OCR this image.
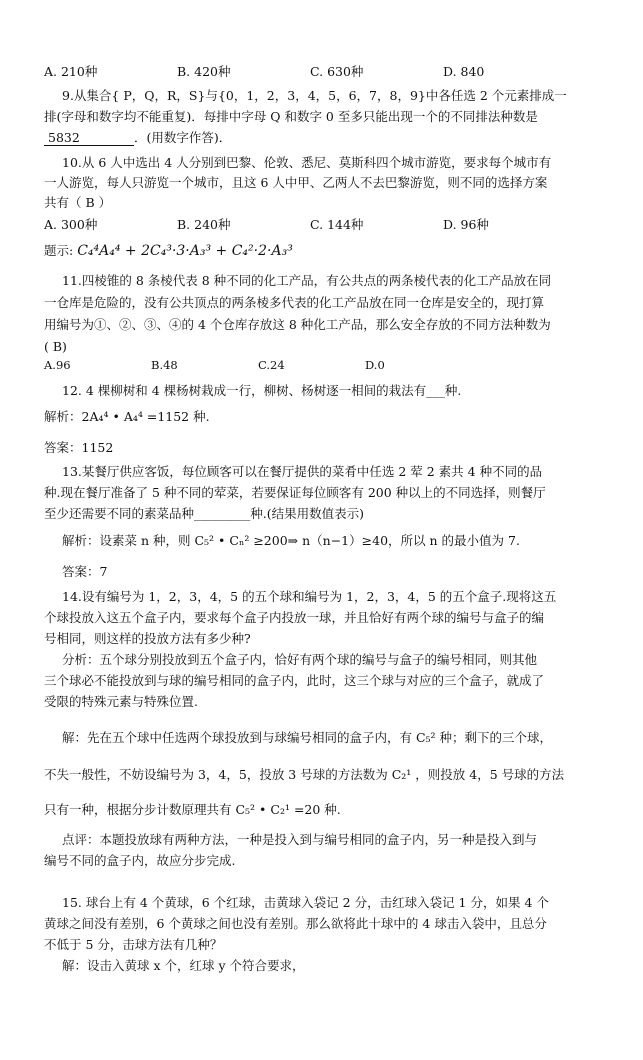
A. 210种	B. 420种	C. 630种	D. 840
9.从集合{ P，Q，R，S}与{0，1，2，3，4，5，6，7，8，9}中各任选 2 个元素排成一
排(字母和数字均不能重复)．每排中字母 Q 和数字 0 至多只能出现一个的不同排法种数是
5832	．(用数字作答)．
10.从 6 人中选出 4 人分别到巴黎、伦敦、悉尼、莫斯科四个城市游览，要求每个城市有
一人游览，每人只游览一个城市，且这 6 人中甲、乙两人不去巴黎游览，则不同的选择方案
共有（ B ）
A. 300种	B. 240种	C. 144种	D. 96种
题示: C₄⁴A₄⁴ + 2C₄³·3·A₃³ + C₄²·2·A₃³
11.四棱锥的 8 条棱代表 8 种不同的化工产品，有公共点的两条棱代表的化工产品放在同
一仓库是危险的，没有公共顶点的两条棱多代表的化工产品放在同一仓库是安全的，现打算
用编号为①、②、③、④的 4 个仓库存放这 8 种化工产品，那么安全存放的不同方法种数为
( B)
A.96	B.48	C.24	D.0
12. 4 棵柳树和 4 棵杨树栽成一行，柳树、杨树逐一相间的栽法有___种.
解析：2A₄⁴ • A₄⁴ =1152 种.
答案：1152
13.某餐厅供应客饭，每位顾客可以在餐厅提供的菜肴中任选 2 荤 2 素共 4 种不同的品
种.现在餐厅准备了 5 种不同的荤菜，若要保证每位顾客有 200 种以上的不同选择，则餐厅
至少还需要不同的素菜品种_________种.(结果用数值表示)
解析：设素菜 n 种，则 C₅² • Cₙ² ≥200⇒ n（n−1）≥40，所以 n 的最小值为 7.
答案：7
14.设有编号为 1，2，3，4，5 的五个球和编号为 1，2，3，4，5 的五个盒子.现将这五
个球投放入这五个盒子内，要求每个盒子内投放一球，并且恰好有两个球的编号与盒子的编
号相同，则这样的投放方法有多少种?
分析：五个球分别投放到五个盒子内，恰好有两个球的编号与盒子的编号相同，则其他
三个球必不能投放到与球的编号相同的盒子内，此时，这三个球与对应的三个盒子，就成了
受限的特殊元素与特殊位置.
解：先在五个球中任选两个球投放到与球编号相同的盒子内，有 C₅² 种；剩下的三个球，
不失一般性，不妨设编号为 3，4，5，投放 3 号球的方法数为 C₂¹ ，则投放 4，5 号球的方法
只有一种，根据分步计数原理共有 C₅² • C₂¹ =20 种.
点评：本题投放球有两种方法，一种是投入到与编号相同的盒子内，另一种是投入到与
编号不同的盒子内，故应分步完成.
15. 球台上有 4 个黄球，6 个红球，击黄球入袋记 2 分，击红球入袋记 1 分，如果 4 个
黄球之间没有差别，6 个黄球之间也没有差别。那么欲将此十球中的 4 球击入袋中，且总分
不低于 5 分，击球方法有几种？
解：设击入黄球 x 个，红球 y 个符合要求，
